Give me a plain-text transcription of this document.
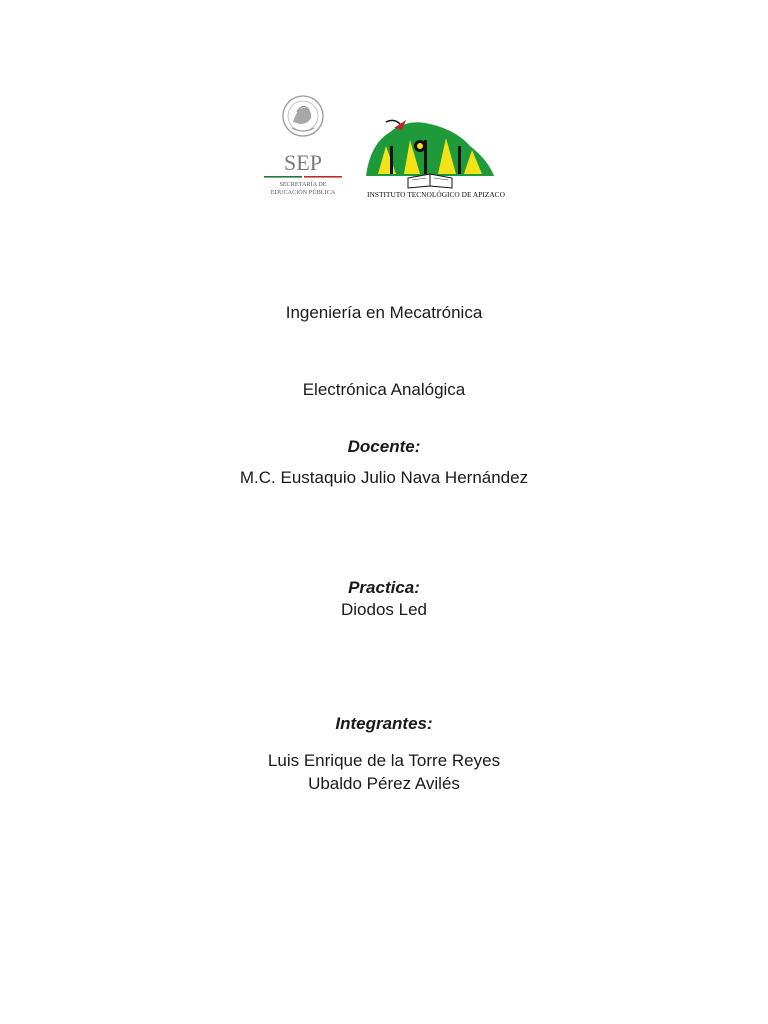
SEP
SECRETARÍA DE
EDUCACIÓN PÚBLICA	INSTITUTO TECNOLÓGICO DE APIZACO
Ingeniería en Mecatrónica
Electrónica Analógica
Docente:
M.C. Eustaquio Julio Nava Hernández
Practica:
Diodos Led
Integrantes:
Luis Enrique de la Torre Reyes
Ubaldo Pérez Avilés
